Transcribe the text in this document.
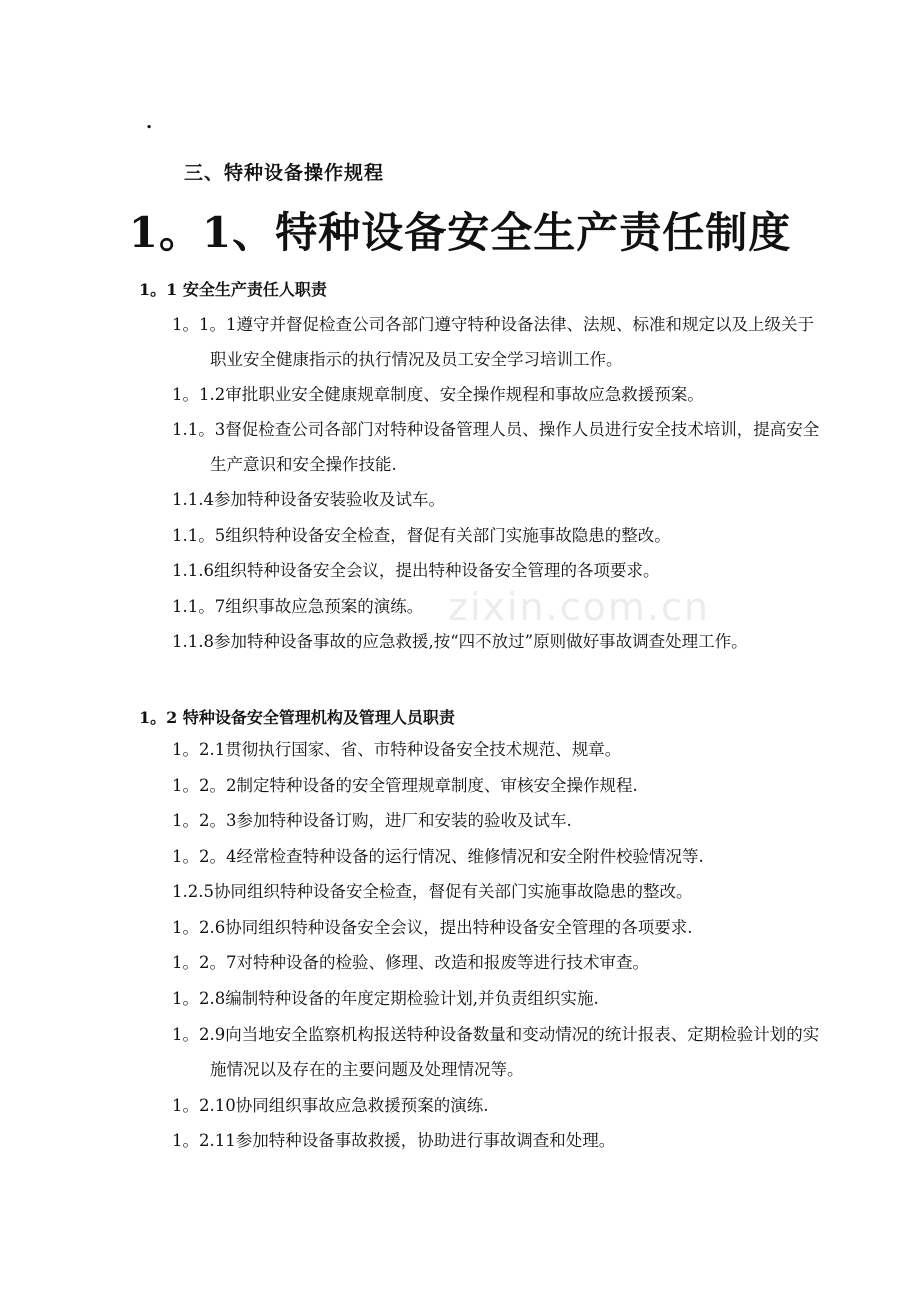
zixin.com.cn
.
三、特种设备操作规程
1。1、特种设备安全生产责任制度
1。1 安全生产责任人职责
1。1。1遵守并督促检查公司各部门遵守特种设备法律、法规、标准和规定以及上级关于职业安全健康指示的执行情况及员工安全学习培训工作。
1。1.2审批职业安全健康规章制度、安全操作规程和事故应急救援预案。
1.1。3督促检查公司各部门对特种设备管理人员、操作人员进行安全技术培训，提高安全生产意识和安全操作技能.
1.1.4参加特种设备安装验收及试车。
1.1。5组织特种设备安全检查，督促有关部门实施事故隐患的整改。
1.1.6组织特种设备安全会议，提出特种设备安全管理的各项要求。
1.1。7组织事故应急预案的演练。
1.1.8参加特种设备事故的应急救援,按“四不放过”原则做好事故调查处理工作。
1。2 特种设备安全管理机构及管理人员职责
1。2.1贯彻执行国家、省、市特种设备安全技术规范、规章。
1。2。2制定特种设备的安全管理规章制度、审核安全操作规程.
1。2。3参加特种设备订购，进厂和安装的验收及试车.
1。2。4经常检查特种设备的运行情况、维修情况和安全附件校验情况等.
1.2.5协同组织特种设备安全检查，督促有关部门实施事故隐患的整改。
1。2.6协同组织特种设备安全会议，提出特种设备安全管理的各项要求.
1。2。7对特种设备的检验、修理、改造和报废等进行技术审查。
1。2.8编制特种设备的年度定期检验计划,并负责组织实施.
1。2.9向当地安全监察机构报送特种设备数量和变动情况的统计报表、定期检验计划的实施情况以及存在的主要问题及处理情况等。
1。2.10协同组织事故应急救援预案的演练.
1。2.11参加特种设备事故救援，协助进行事故调查和处理。
